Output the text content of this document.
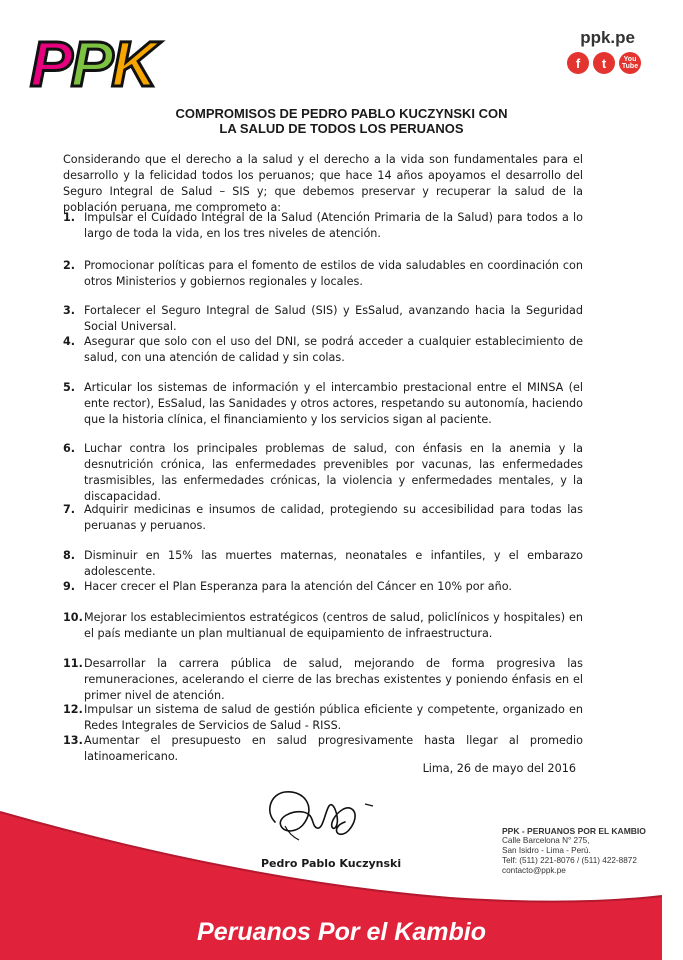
PPK	ppk.pe
f	t	You Tube
COMPROMISOS DE PEDRO PABLO KUCZYNSKI CON
LA SALUD DE TODOS LOS PERUANOS
Considerando que el derecho a la salud y el derecho a la vida son fundamentales para el desarrollo y la felicidad todos los peruanos; que hace 14 años apoyamos el desarrollo del Seguro Integral de Salud – SIS y; que debemos preservar y recuperar la salud de la población peruana, me comprometo a:
1. Impulsar el Cuidado Integral de la Salud (Atención Primaria de la Salud) para todos a lo largo de toda la vida, en los tres niveles de atención.
2. Promocionar políticas para el fomento de estilos de vida saludables en coordinación con otros Ministerios y gobiernos regionales y locales.
3. Fortalecer el Seguro Integral de Salud (SIS) y EsSalud, avanzando hacia la Seguridad Social Universal.
4. Asegurar que solo con el uso del DNI, se podrá acceder a cualquier establecimiento de salud, con una atención de calidad y sin colas.
5. Articular los sistemas de información y el intercambio prestacional entre el MINSA (el ente rector), EsSalud, las Sanidades y otros actores, respetando su autonomía, haciendo que la historia clínica, el financiamiento y los servicios sigan al paciente.
6. Luchar contra los principales problemas de salud, con énfasis en la anemia y la desnutrición crónica, las enfermedades prevenibles por vacunas, las enfermedades trasmisibles, las enfermedades crónicas, la violencia y enfermedades mentales, y la discapacidad.
7. Adquirir medicinas e insumos de calidad, protegiendo su accesibilidad para todas las peruanas y peruanos.
8. Disminuir en 15% las muertes maternas, neonatales e infantiles, y el embarazo adolescente.
9. Hacer crecer el Plan Esperanza para la atención del Cáncer en 10% por año.
10. Mejorar los establecimientos estratégicos (centros de salud, policlínicos y hospitales) en el país mediante un plan multianual de equipamiento de infraestructura.
11. Desarrollar la carrera pública de salud, mejorando de forma progresiva las remuneraciones, acelerando el cierre de las brechas existentes y poniendo énfasis en el primer nivel de atención.
12. Impulsar un sistema de salud de gestión pública eficiente y competente, organizado en Redes Integrales de Servicios de Salud - RISS.
13. Aumentar el presupuesto en salud progresivamente hasta llegar al promedio latinoamericano.
Lima, 26 de mayo del 2016
Pedro Pablo Kuczynski
PPK - PERUANOS POR EL KAMBIO
Calle Barcelona N° 275,
San Isidro - Lima - Perú.
Telf: (511) 221-8076 / (511) 422-8872
contacto@ppk.pe
Peruanos Por el Kambio
